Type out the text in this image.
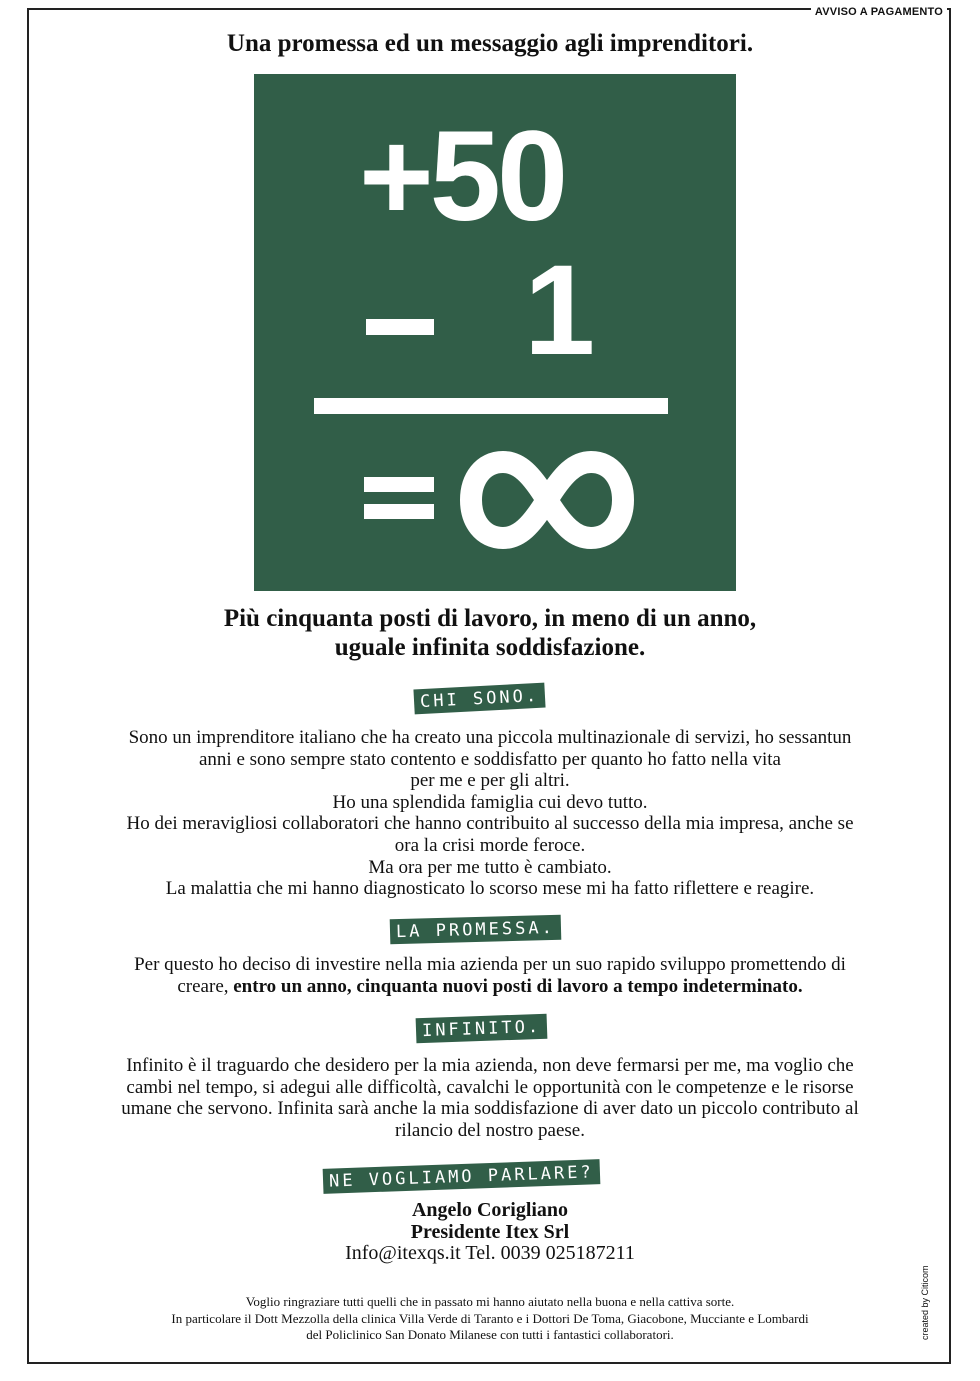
AVVISO A PAGAMENTO
Una promessa ed un messaggio agli imprenditori.
+50
1
Più cinquanta posti di lavoro, in meno di un anno,
uguale infinita soddisfazione.
CHI SONO.

Sono un imprenditore italiano che ha creato una piccola multinazionale di servizi, ho sessantun

anni e sono sempre stato contento e soddisfatto per quanto ho fatto nella vita

per me e per gli altri.

Ho una splendida famiglia cui devo tutto.

Ho dei meravigliosi collaboratori che hanno contribuito al successo della mia impresa, anche se

ora la crisi morde feroce.

Ma ora per me tutto è cambiato.

La malattia che mi hanno diagnosticato lo scorso mese mi ha fatto riflettere e reagire.

LA PROMESSA.

Per questo ho deciso di investire nella mia azienda per un suo rapido sviluppo promettendo di

creare, entro un anno, cinquanta nuovi posti di lavoro a tempo indeterminato.

INFINITO.

Infinito è il traguardo che desidero per la mia azienda, non deve fermarsi per me, ma voglio che

cambi nel tempo, si adegui alle difficoltà, cavalchi le opportunità con le competenze e le risorse

umane che servono. Infinita sarà anche la mia soddisfazione di aver dato un piccolo contributo al

rilancio del nostro paese.

NE VOGLIAMO PARLARE?
Angelo Corigliano
Presidente Itex Srl
Info@itexqs.it Tel. 0039 025187211
Voglio ringraziare tutti quelli che in passato mi hanno aiutato nella buona e nella cattiva sorte.
In particolare il Dott Mezzolla della clinica Villa Verde di Taranto e i Dottori De Toma, Giacobone, Mucciante e Lombardi
del Policlinico San Donato Milanese con tutti i fantastici collaboratori.	created by Citicom
